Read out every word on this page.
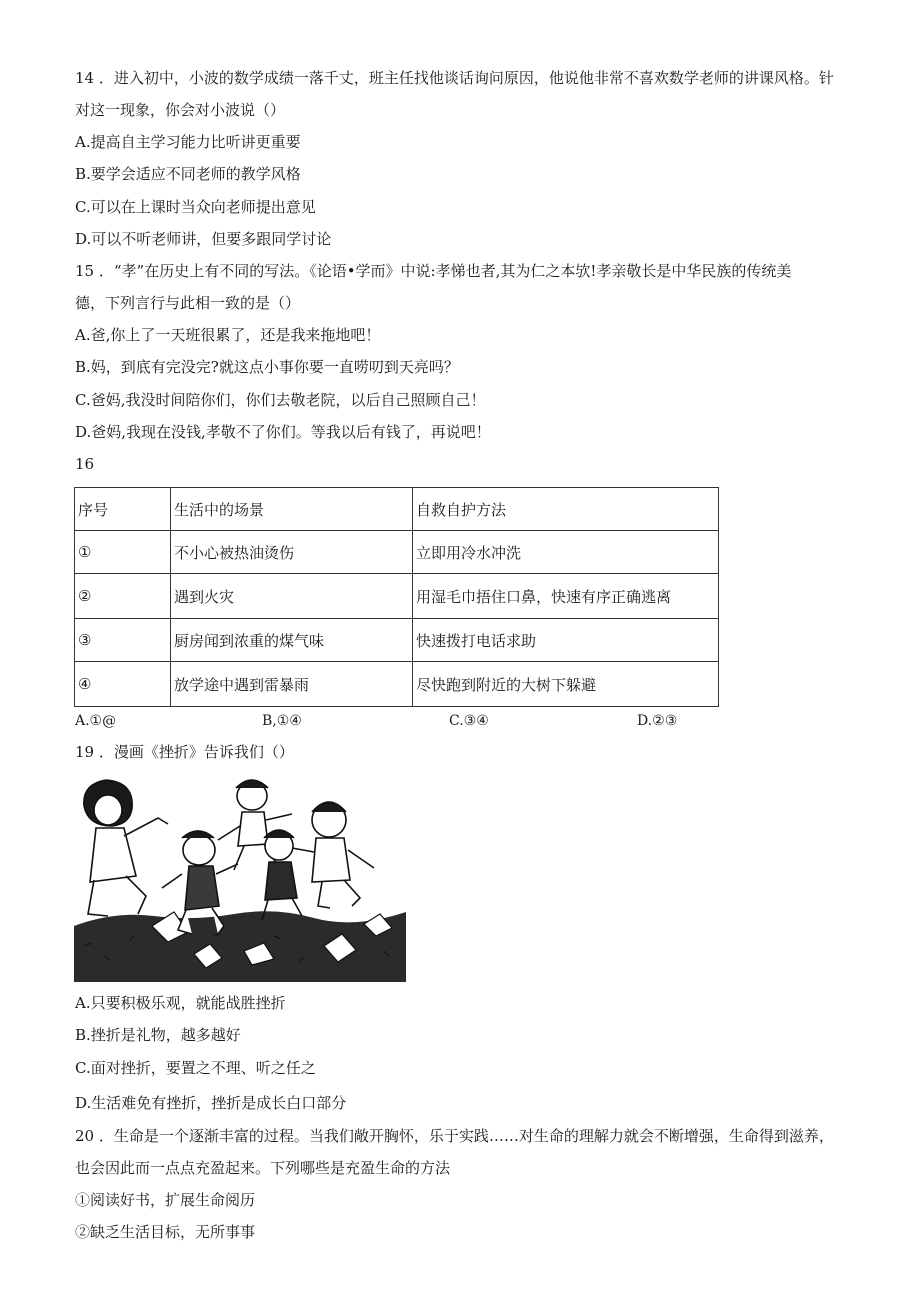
14 ．进入初中，小波的数学成绩一落千丈，班主任找他谈话询问原因，他说他非常不喜欢数学老师的讲课风格。针
对这一现象，你会对小波说（）
A.提高自主学习能力比听讲更重要
B.要学会适应不同老师的教学风格
C.可以在上课时当众向老师提出意见
D.可以不听老师讲，但要多跟同学讨论
15 ．“孝”在历史上有不同的写法。《论语•学而》中说:孝悌也者,其为仁之本欤!孝亲敬长是中华民族的传统美
德，下列言行与此相一致的是（）
A.爸,你上了一天班很累了，还是我来拖地吧！
B.妈，到底有完没完?就这点小事你要一直唠叨到天亮吗？
C.爸妈,我没时间陪你们，你们去敬老院，以后自己照顾自己！
D.爸妈,我现在没钱,孝敬不了你们。等我以后有钱了，再说吧！
16
序号	生活中的场景	自救自护方法
①	不小心被热油烫伤	立即用冷水冲洗
②	遇到火灾	用湿毛巾捂住口鼻，快速有序正确逃离
③	厨房闻到浓重的煤气味	快速拨打电话求助
④	放学途中遇到雷暴雨	尽快跑到附近的大树下躲避
A.①@	B,①④	C.③④	D.②③
19 ．漫画《挫折》告诉我们（）
A.只要积极乐观，就能战胜挫折
B.挫折是礼物，越多越好
C.面对挫折，要置之不理、听之任之
D.生活难免有挫折，挫折是成长白口部分
20 ．生命是一个逐渐丰富的过程。当我们敞开胸怀，乐于实践……对生命的理解力就会不断增强，生命得到滋养，
也会因此而一点点充盈起来。下列哪些是充盈生命的方法
①阅读好书，扩展生命阅历
②缺乏生活目标，无所事事
